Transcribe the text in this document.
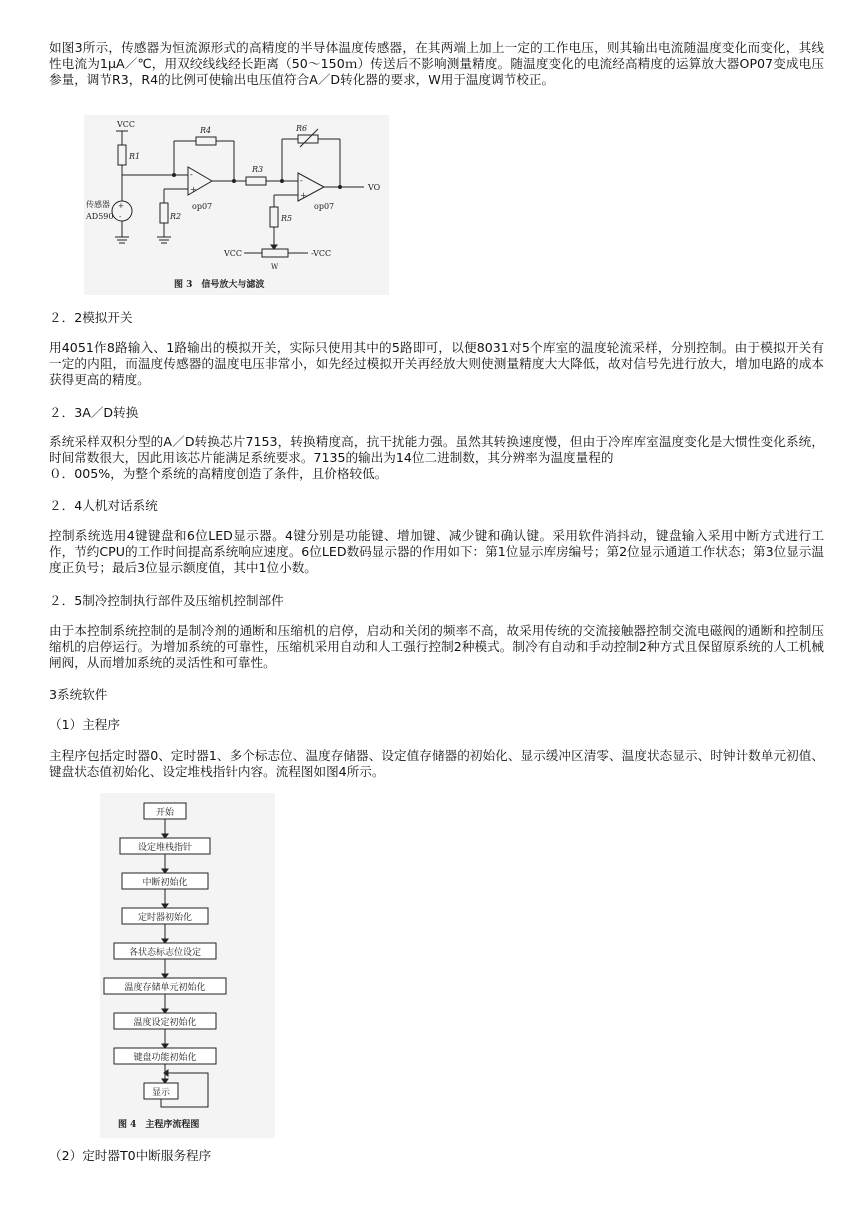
如图3所示，传感器为恒流源形式的高精度的半导体温度传感器，在其两端上加上一定的工作电压，则其输出电流随温度变化而变化，其线性电流为1μA／℃，用双绞线线经长距离（50～150ｍ）传送后不影响测量精度。随温度变化的电流经高精度的运算放大器OP07变成电压参量，调节R3，R4的比例可使输出电压值符合A／D转化器的要求，W用于温度调节校正。

VCC
R1
R4
-
+
op07
R2
+
-
传感器
AD590
R3
R6
-
+
op07
VO
R5
VCC	-VCC
W
图 3　信号放大与滤波

２．2模拟开关

用4051作8路输入、1路输出的模拟开关，实际只使用其中的5路即可，以便8031对5个库室的温度轮流采样，分别控制。由于模拟开关有一定的内阻，而温度传感器的温度电压非常小，如先经过模拟开关再经放大则使测量精度大大降低，故对信号先进行放大，增加电路的成本获得更高的精度。

２．3A／D转换

系统采样双积分型的A／D转换芯片7153，转换精度高，抗干扰能力强。虽然其转换速度慢，但由于冷库库室温度变化是大惯性变化系统，时间常数很大，因此用该芯片能满足系统要求。7135的输出为14位二进制数，其分辨率为温度量程的

０．005%，为整个系统的高精度创造了条件，且价格较低。

２．4人机对话系统

控制系统选用4键键盘和6位LED显示器。4键分别是功能键、增加键、减少键和确认键。采用软件消抖动，键盘输入采用中断方式进行工作，节约CPU的工作时间提高系统响应速度。6位LED数码显示器的作用如下：第1位显示库房编号；第2位显示通道工作状态；第3位显示温度正负号；最后3位显示额度值，其中1位小数。

２．5制冷控制执行部件及压缩机控制部件

由于本控制系统控制的是制冷剂的通断和压缩机的启停，启动和关闭的频率不高，故采用传统的交流接触器控制交流电磁阀的通断和控制压缩机的启停运行。为增加系统的可靠性，压缩机采用自动和人工强行控制2种模式。制冷有自动和手动控制2种方式且保留原系统的人工机械闸阀，从而增加系统的灵活性和可靠性。

3系统软件

（1）主程序

主程序包括定时器0、定时器1、多个标志位、温度存储器、设定值存储器的初始化、显示缓冲区清零、温度状态显示、时钟计数单元初值、键盘状态值初始化、设定堆栈指针内容。流程图如图4所示。

开始
设定堆栈指针
中断初始化
定时器初始化
各状态标志位设定
温度存储单元初始化
温度设定初始化
键盘功能初始化
显示
图 4　主程序流程图

（2）定时器T0中断服务程序
